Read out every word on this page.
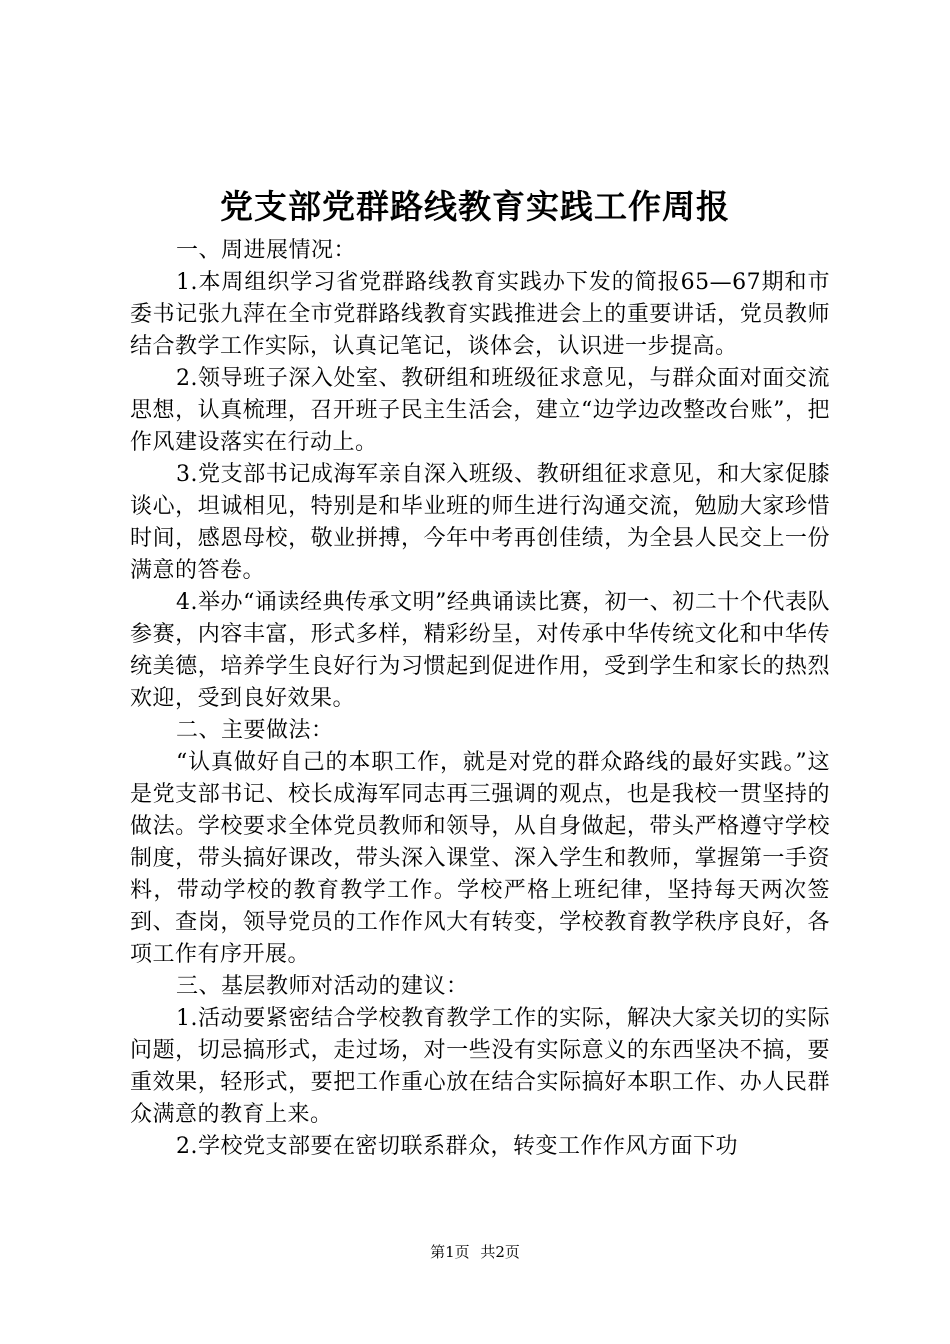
党支部党群路线教育实践工作周报

一、周进展情况：

1.本周组织学习省党群路线教育实践办下发的简报65—67期和市委书记张九萍在全市党群路线教育实践推进会上的重要讲话，党员教师结合教学工作实际，认真记笔记，谈体会，认识进一步提高。

2.领导班子深入处室、教研组和班级征求意见，与群众面对面交流思想，认真梳理，召开班子民主生活会，建立“边学边改整改台账”，把作风建设落实在行动上。

3.党支部书记成海军亲自深入班级、教研组征求意见，和大家促膝谈心，坦诚相见，特别是和毕业班的师生进行沟通交流，勉励大家珍惜时间，感恩母校，敬业拼搏，今年中考再创佳绩，为全县人民交上一份满意的答卷。

4.举办“诵读经典传承文明”经典诵读比赛，初一、初二十个代表队参赛，内容丰富，形式多样，精彩纷呈，对传承中华传统文化和中华传统美德，培养学生良好行为习惯起到促进作用，受到学生和家长的热烈欢迎，受到良好效果。

二、主要做法：

“认真做好自己的本职工作，就是对党的群众路线的最好实践。”这是党支部书记、校长成海军同志再三强调的观点，也是我校一贯坚持的做法。学校要求全体党员教师和领导，从自身做起，带头严格遵守学校制度，带头搞好课改，带头深入课堂、深入学生和教师，掌握第一手资料，带动学校的教育教学工作。学校严格上班纪律，坚持每天两次签到、查岗，领导党员的工作作风大有转变，学校教育教学秩序良好，各项工作有序开展。

三、基层教师对活动的建议：

1.活动要紧密结合学校教育教学工作的实际，解决大家关切的实际问题，切忌搞形式，走过场，对一些没有实际意义的东西坚决不搞，要重效果，轻形式，要把工作重心放在结合实际搞好本职工作、办人民群众满意的教育上来。

2.学校党支部要在密切联系群众，转变工作作风方面下功

第1页 共2页
